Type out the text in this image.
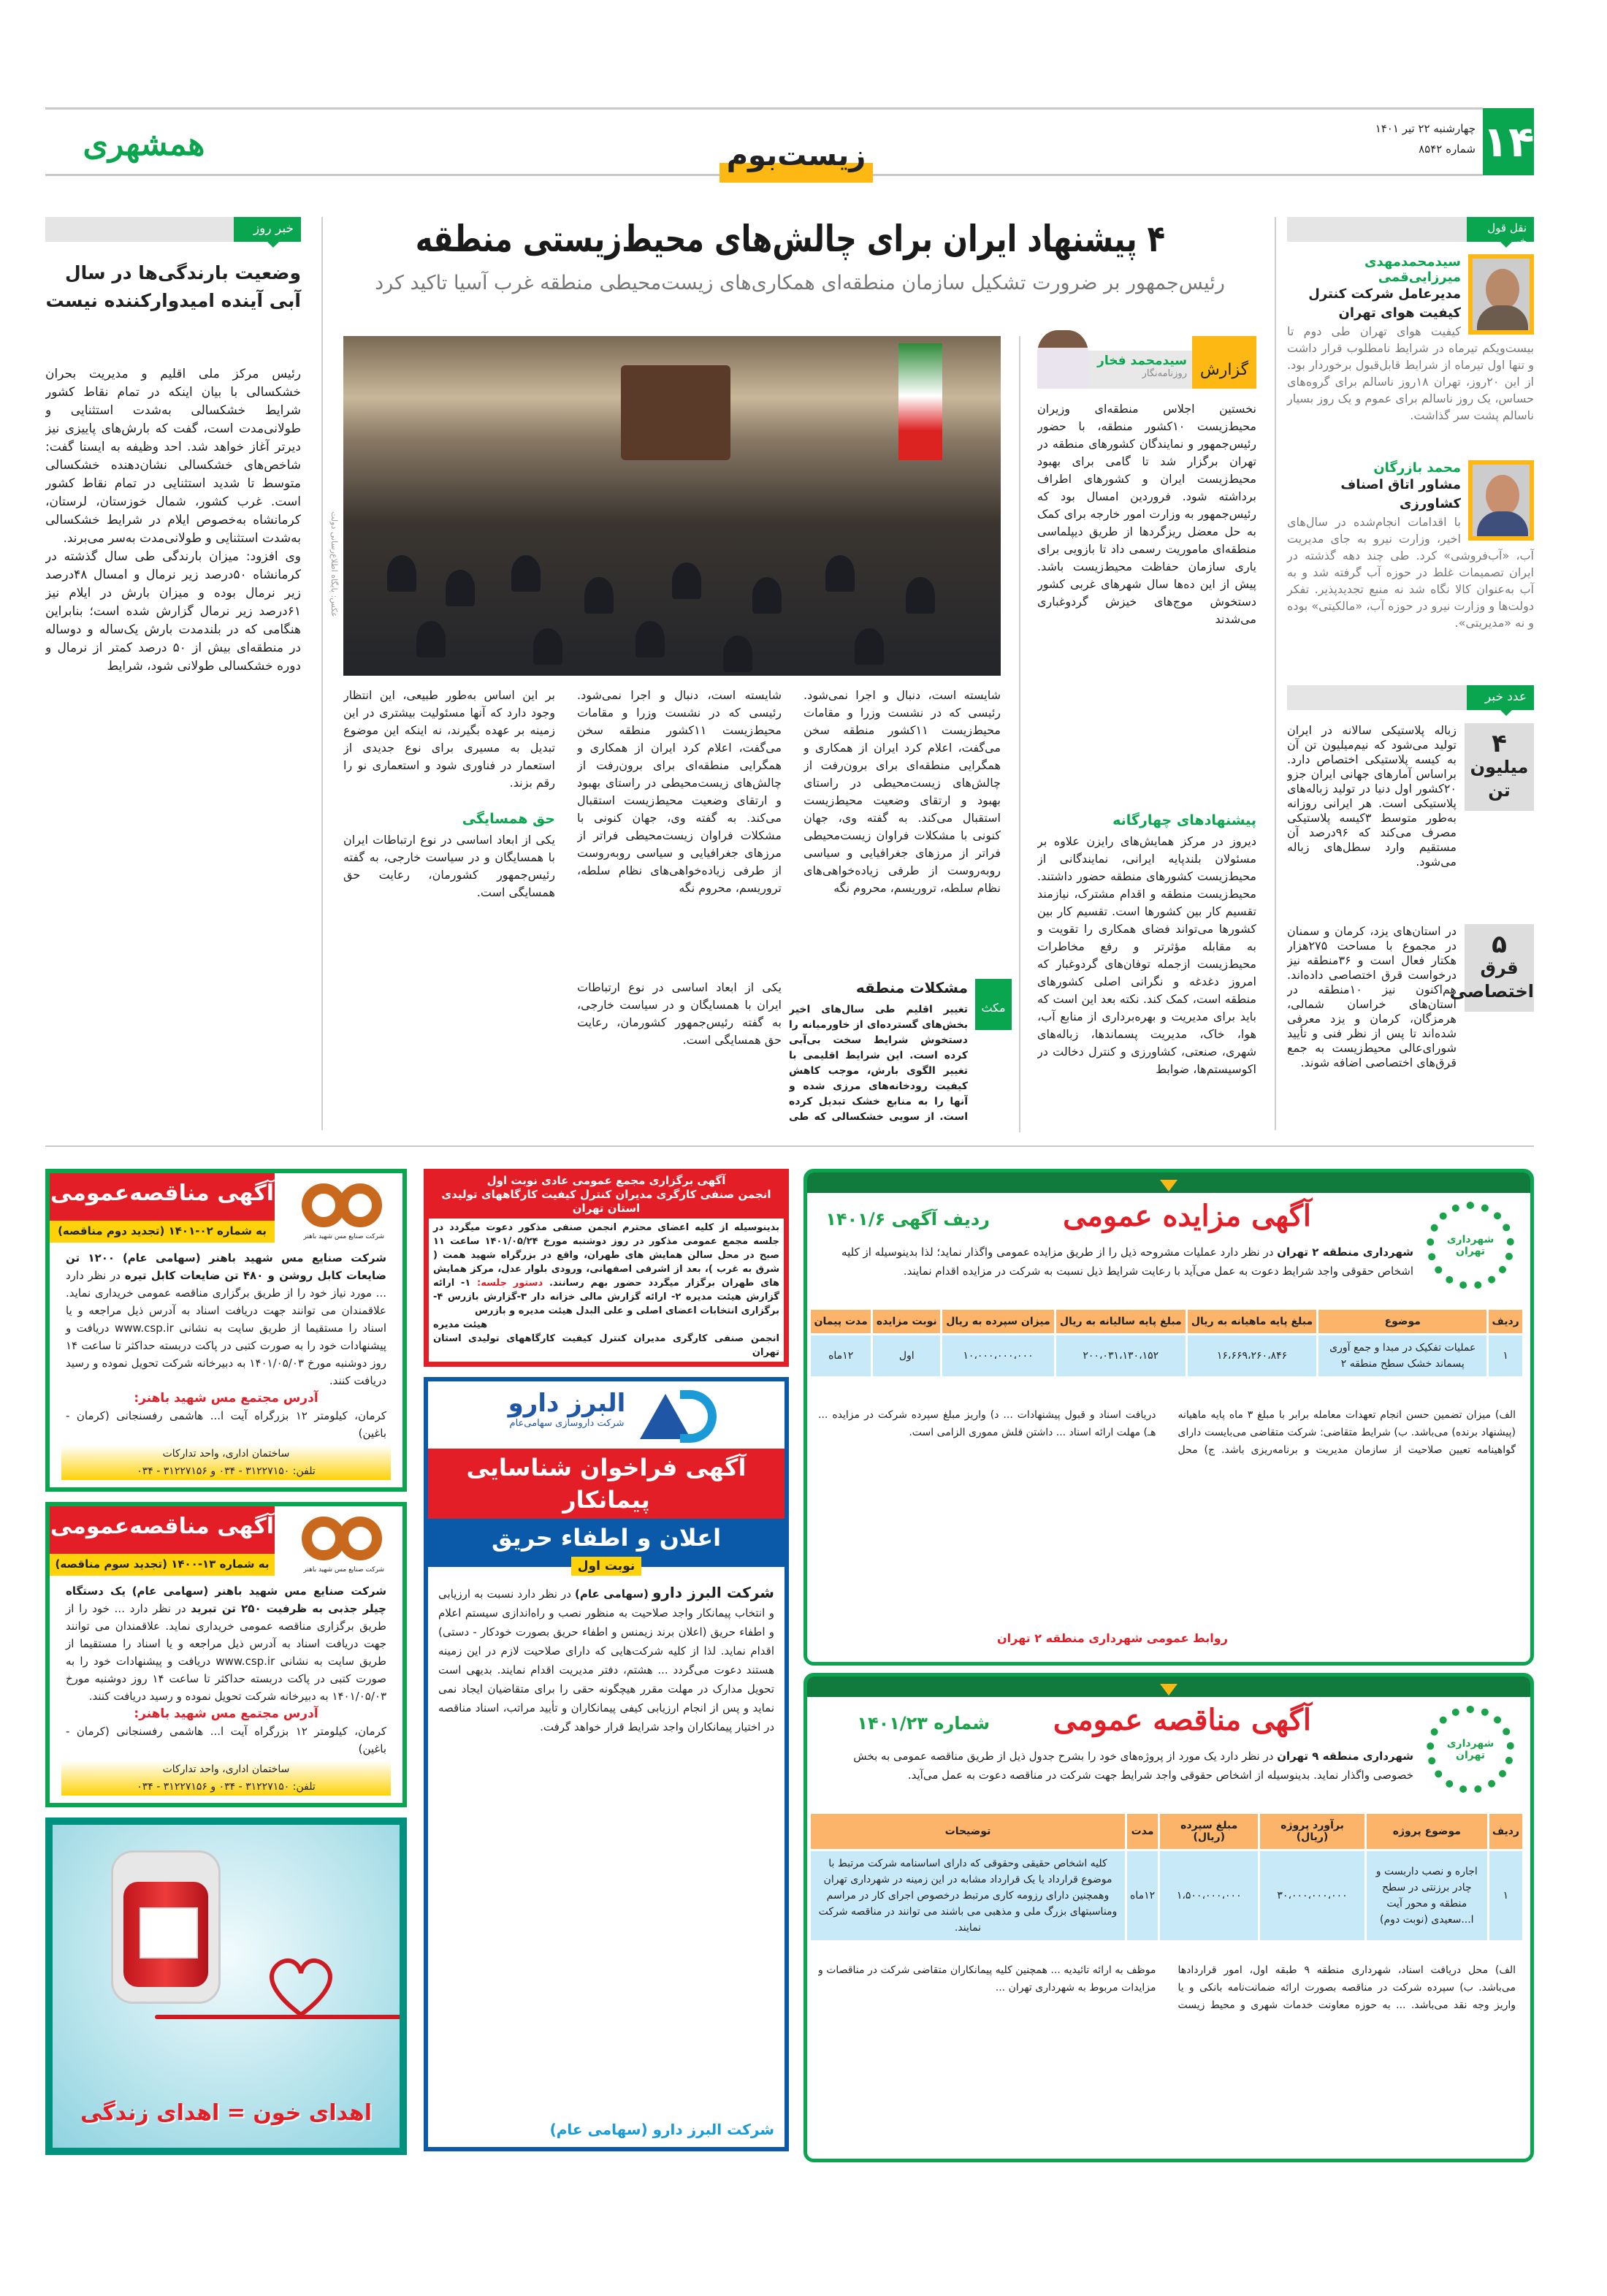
۱۴
چهارشنبه ۲۲ تیر ۱۴۰۱
شماره ۸۵۴۲
همشهری	زیست‌بوم
خبر روز
وضعیت بارندگی‌ها در سال آبی آینده امیدوارکننده نیست

رئیس مرکز ملی اقلیم و مدیریت بحران خشکسالی با بیان اینکه در تمام نقاط کشور شرایط خشکسالی به‌شدت استثنایی و طولانی‌مدت است، گفت که بارش‌های پاییزی نیز دیرتر آغاز خواهد شد. احد وظیفه به ایسنا گفت: شاخص‌های خشکسالی نشان‌دهنده خشکسالی متوسط تا شدید استثنایی در تمام نقاط کشور است. غرب کشور، شمال خوزستان، لرستان، کرمانشاه به‌خصوص ایلام در شرایط خشکسالی به‌شدت استثنایی و طولانی‌مدت به‌سر می‌برند.

وی افزود: میزان بارندگی طی سال گذشته در کرمانشاه ۵۰درصد زیر نرمال و امسال ۴۸درصد زیر نرمال بوده و میزان بارش در ایلام نیز ۶۱درصد زیر نرمال گزارش شده است؛ بنابراین هنگامی که در بلندمدت بارش یک‌ساله و دوساله در منطقه‌ای بیش از ۵۰ درصد کمتر از نرمال و دوره خشکسالی طولانی شود، شرایط

۴ پیشنهاد ایران برای چالش‌های محیط‌زیستی منطقه
رئیس‌جمهور بر ضرورت تشکیل سازمان منطقه‌ای همکاری‌های زیست‌محیطی منطقه غرب آسیا تاکید کرد
عکس: پایگاه اطلاع‌رسانی دولت
گزارش
سیدمحمد فخار
روزنامه‌نگار
نخستین اجلاس منطقه‌ای وزیران محیط‌زیست ۱۰کشور منطقه، با حضور رئیس‌جمهور و نمایندگان کشورهای منطقه در تهران برگزار شد تا گامی برای بهبود محیط‌زیست ایران و کشورهای اطراف برداشته شود. فروردین امسال بود که رئیس‌جمهور به وزارت امور خارجه برای کمک به حل معضل ریزگردها از طریق دیپلماسی منطقه‌ای ماموریت رسمی داد تا بازویی برای یاری سازمان حفاظت محیط‌زیست باشد. پیش از این ده‌ها سال شهرهای غربی کشور دستخوش موج‌های خیزش گردوغباری می‌شدند
پیشنهادهای چهارگانه
دیروز در مرکز همایش‌های رایزن علاوه بر مسئولان بلندپایه ایرانی، نمایندگانی از محیط‌زیست کشورهای منطقه حضور داشتند. محیط‌زیست منطقه و اقدام مشترک، نیازمند تقسیم کار بین کشورها است. تقسیم کار بین کشورها می‌تواند فضای همکاری را تقویت و به مقابله مؤثرتر و رفع مخاطرات محیط‌زیست ازجمله توفان‌های گردوغبار که امروز دغدغه و نگرانی اصلی کشورهای منطقه است، کمک کند. نکته بعد این است که باید برای مدیریت و بهره‌برداری از منابع آب، هوا، خاک، مدیریت پسماندها، زباله‌های شهری، صنعتی، کشاورزی و کنترل دخالت در اکوسیستم‌ها، ضوابط
شایسته است، دنبال و اجرا نمی‌شود. رئیسی که در نشست وزرا و مقامات محیط‌زیست ۱۱کشور منطقه سخن می‌گفت، اعلام کرد ایران از همکاری و همگرایی منطقه‌ای برای برون‌رفت از چالش‌های زیست‌محیطی در راستای بهبود و ارتقای وضعیت محیط‌زیست استقبال می‌کند. به گفته وی، جهان کنونی با مشکلات فراوان زیست‌محیطی فراتر از مرزهای جغرافیایی و سیاسی روبه‌روست از طرفی زیاده‌خواهی‌های نظام سلطه، تروریسم، محروم نگه
شایسته است، دنبال و اجرا نمی‌شود. رئیسی که در نشست وزرا و مقامات محیط‌زیست ۱۱کشور منطقه سخن می‌گفت، اعلام کرد ایران از همکاری و همگرایی منطقه‌ای برای برون‌رفت از چالش‌های زیست‌محیطی در راستای بهبود و ارتقای وضعیت محیط‌زیست استقبال می‌کند. به گفته وی، جهان کنونی با مشکلات فراوان زیست‌محیطی فراتر از مرزهای جغرافیایی و سیاسی روبه‌روست از طرفی زیاده‌خواهی‌های نظام سلطه، تروریسم، محروم نگه
بر این اساس به‌طور طبیعی، این انتظار وجود دارد که آنها مسئولیت بیشتری در این زمینه بر عهده بگیرند، نه اینکه این موضوع تبدیل به مسیری برای نوع جدیدی از استعمار در فناوری شود و استعماری نو را رقم بزند.
حق همسایگی
یکی از ابعاد اساسی در نوع ارتباطات ایران با همسایگان و در سیاست خارجی، به گفته رئیس‌جمهور کشورمان، رعایت حق همسایگی است.
یکی از ابعاد اساسی در نوع ارتباطات ایران با همسایگان و در سیاست خارجی، به گفته رئیس‌جمهور کشورمان، رعایت حق همسایگی است.
مکث
مشکلات منطقه
تغییر اقلیم طی سال‌های اخیر بخش‌های گسترده‌ای از خاورمیانه را دستخوش شرایط سخت بی‌آبی کرده است. این شرایط اقلیمی با تغییر الگوی بارش، موجب کاهش کیفیت رودخانه‌های مرزی شده و آنها را به منابع خشک تبدیل کرده است. از سویی خشکسالی که طی
نقل قول خبر
سیدمحمدمهدی میرزایی‌قمی
مدیرعامل شرکت کنترل کیفیت هوای تهران
کیفیت هوای تهران طی دوم تا بیست‌ویکم تیرماه در شرایط نامطلوب قرار داشت و تنها اول تیرماه از شرایط قابل‌قبول برخوردار بود. از این ۲۰روز، تهران ۱۸روز ناسالم برای گروه‌های حساس، یک روز ناسالم برای عموم و یک روز بسیار ناسالم پشت سر گذاشت.
محمد بازرگان
مشاور اتاق اصناف کشاورزی
با اقدامات انجام‌شده در سال‌های اخیر، وزارت نیرو به جای مدیریت آب، «آب‌فروشی» کرد. طی چند دهه گذشته در ایران تصمیمات غلط در حوزه آب گرفته شد و به آب به‌عنوان کالا نگاه شد نه منبع تجدیدپذیر. تفکر دولت‌ها و وزارت نیرو در حوزه آب، «مالکیتی» بوده و نه «مدیریتی».
عدد خبر
۴
میلیون تن
زباله پلاستیکی سالانه در ایران تولید می‌شود که نیم‌میلیون تن آن به کیسه پلاستیکی اختصاص دارد. براساس آمارهای جهانی ایران جزو ۲۰کشور اول دنیا در تولید زباله‌های پلاستیکی است. هر ایرانی روزانه به‌طور متوسط ۳کیسه پلاستیکی مصرف می‌کند که ۹۶درصد آن مستقیم وارد سطل‌های زباله می‌شود.
۵
قرق اختصاصی
در استان‌های یزد، کرمان و سمنان در مجموع با مساحت ۲۷۵هزار هکتار فعال است و ۳۶منطقه نیز درخواست قرق اختصاصی داده‌اند. هم‌اکنون نیز ۱۰منطقه در استان‌های خراسان شمالی، هرمزگان، کرمان و یزد معرفی شده‌اند تا پس از نظر فنی و تأیید شورای‌عالی محیط‌زیست به جمع قرق‌های اختصاصی اضافه شوند.
شهرداری تهران
آگهی مزایده عمومی
ردیف آگهی ۱۴۰۱/۶
شهرداری منطقه ۲ تهران در نظر دارد عملیات مشروحه ذیل را از طریق مزایده عمومی واگذار نماید؛ لذا بدینوسیله از کلیه اشخاص حقوقی واجد شرایط دعوت به عمل می‌آید با رعایت شرایط ذیل نسبت به شرکت در مزایده اقدام نمایند.
ردیف	موضوع	مبلغ پایه ماهیانه به ریال	مبلغ پایه سالیانه به ریال	میزان سپرده به ریال	نوبت مزایده	مدت پیمان
۱	عملیات تفکیک در مبدا و جمع آوری پسماند خشک سطح منطقه ۲	۱۶،۶۶۹،۲۶۰،۸۴۶	۲۰۰،۰۳۱،۱۳۰،۱۵۲	۱۰،۰۰۰،۰۰۰،۰۰۰	اول	۱۲ماه
الف) میزان تضمین حسن انجام تعهدات معامله برابر با مبلغ ۳ ماه پایه ماهیانه (پیشنهاد برنده) می‌باشد. ب) شرایط متقاضی: شرکت متقاضی می‌بایست دارای گواهینامه تعیین صلاحیت از سازمان مدیریت و برنامه‌ریزی باشد. ج) محل دریافت اسناد و قبول پیشنهادات ... د) واریز مبلغ سپرده شرکت در مزایده ... هـ) مهلت ارائه اسناد ... داشتن فلش مموری الزامی است.
روابط عمومی شهرداری منطقه ۲ تهران
شهرداری تهران
آگهی مناقصه عمومی
شماره ۱۴۰۱/۲۳
شهرداری منطقه ۹ تهران در نظر دارد یک مورد از پروژه‌های خود را بشرح جدول ذیل از طریق مناقصه عمومی به بخش خصوصی واگذار نماید. بدینوسیله از اشخاص حقوقی واجد شرایط جهت شرکت در مناقصه دعوت به عمل می‌آید.
ردیف	موضوع پروژه	برآورد پروژه (ریال)	مبلغ سپرده (ریال)	مدت	توضیحات
۱	اجاره و نصب داربست و چادر برزنتی در سطح منطقه و محور آیت ا...سعیدی (نوبت دوم)	۳۰،۰۰۰،۰۰۰،۰۰۰	۱،۵۰۰،۰۰۰،۰۰۰	۱۲ماه	کلیه اشخاص حقیقی وحقوقی که دارای اساسنامه شرکت مرتبط با موضوع قرارداد یا یک قرارداد مشابه در این زمینه در شهرداری تهران وهمچنین دارای رزومه کاری مرتبط درخصوص اجرای کار در مراسم ومناسبتهای بزرگ ملی و مذهبی می باشند می توانند در مناقصه شرکت نمایند.
الف) محل دریافت اسناد، شهرداری منطقه ۹ طبقه اول، امور قراردادها می‌باشد. ب) سپرده شرکت در مناقصه بصورت ارائه ضمانت‌نامه بانکی و یا واریز وجه نقد می‌باشد. ... به حوزه معاونت خدمات شهری و محیط زیست موظف به ارائه تائیدیه ... همچنین کلیه پیمانکاران متقاضی شرکت در مناقصات و مزایدات مربوط به شهرداری تهران ...
آگهی برگزاری مجمع عمومی عادی نوبت اول
انجمن صنفی کارگری مدیران کنترل کیفیت کارگاههای تولیدی استان تهران
بدینوسیله از کلیه اعضای محترم انجمن صنفی مذکور دعوت میگردد در جلسه مجمع عمومی مذکور در روز دوشنبه مورخ ۱۴۰۱/۰۵/۲۴ ساعت ۱۱ صبح در محل سالن همایش های طهران، واقع در بزرگراه شهید همت ( شرق به غرب )، بعد از اشرفی اصفهانی، ورودی بلوار عدل، مرکز همایش های طهران برگزار میگردد حضور بهم رسانند. دستور جلسه: ۱- ارائه گزارش هیئت مدیره ۲- ارائه گزارش مالی خزانه دار ۳-گزارش بازرس ۴- برگزاری انتخابات اعضای اصلی و علی البدل هیئت مدیره و بازرس
هیئت مدیره
انجمن صنفی کارگری مدیران کنترل کیفیت کارگاههای تولیدی استان تهران
البرز دارو
شرکت داروسازی سهامی‌عام
آگهی فراخوان شناسایی پیمانکار
اعلان و اطفاء حریق
نوبت اول
شرکت البرز دارو (سهامی عام) در نظر دارد نسبت به ارزیابی و انتخاب پیمانکار واجد صلاحیت به منظور نصب و راه‌اندازی سیستم اعلام و اطفاء حریق (اعلان برند زیمنس و اطفاء حریق بصورت خودکار - دستی) اقدام نماید. لذا از کلیه شرکت‌هایی که دارای صلاحیت لازم در این زمینه هستند دعوت می‌گردد ... هشتم، دفتر مدیریت اقدام نمایند. بدیهی است تحویل مدارک در مهلت مقرر هیچگونه حقی را برای متقاضیان ایجاد نمی نماید و پس از انجام ارزیابی کیفی پیمانکاران و تأیید مراتب، اسناد مناقصه در اختیار پیمانکاران واجد شرایط قرار خواهد گرفت.
شرکت البرز دارو (سهامی عام)
آگهی مناقصه‌عمومی
به شماره ۰۲-۱۴۰۱ (تجدید دوم مناقصه)	شرکت صنایع مس شهید باهنر
شرکت صنایع مس شهید باهنر (سهامی عام) ۱۲۰۰ تن ضایعات کابل روشن و ۴۸۰ تن ضایعات کابل تیره در نظر دارد ... مورد نیاز خود را از طریق برگزاری مناقصه عمومی خریداری نماید. علاقمندان می توانند جهت دریافت اسناد به آدرس ذیل مراجعه و یا اسناد را مستقیما از طریق سایت به نشانی www.csp.ir دریافت و پیشنهادات خود را به صورت کتبی در پاکت دربسته حداکثر تا ساعت ۱۴ روز دوشنبه مورخ ۱۴۰۱/۰۵/۰۳ به دبیرخانه شرکت تحویل نموده و رسید دریافت کنند.
آدرس مجتمع مس شهید باهنر:
کرمان، کیلومتر ۱۲ بزرگراه آیت ا... هاشمی رفسنجانی (کرمان - باغین)
ساختمان اداری، واحد تدارکات
تلفن: ۳۱۲۲۷۱۵۰ - ۰۳۴ و ۳۱۲۲۷۱۵۶ - ۰۳۴
آگهی مناقصه‌عمومی
به شماره ۱۳-۱۴۰۰ (تجدید سوم مناقصه)	شرکت صنایع مس شهید باهنر
شرکت صنایع مس شهید باهنر (سهامی عام) یک دستگاه چیلر جذبی به ظرفیت ۲۵۰ تن تبرید در نظر دارد ... خود را از طریق برگزاری مناقصه عمومی خریداری نماید. علاقمندان می توانند جهت دریافت اسناد به آدرس ذیل مراجعه و یا اسناد را مستقیما از طریق سایت به نشانی www.csp.ir دریافت و پیشنهادات خود را به صورت کتبی در پاکت دربسته حداکثر تا ساعت ۱۴ روز دوشنبه مورخ ۱۴۰۱/۰۵/۰۳ به دبیرخانه شرکت تحویل نموده و رسید دریافت کنند.
آدرس مجتمع مس شهید باهنر:
کرمان، کیلومتر ۱۲ بزرگراه آیت ا... هاشمی رفسنجانی (کرمان - باغین)
ساختمان اداری، واحد تدارکات
تلفن: ۳۱۲۲۷۱۵۰ - ۰۳۴ و ۳۱۲۲۷۱۵۶ - ۰۳۴
اهدای خون = اهدای زندگی
